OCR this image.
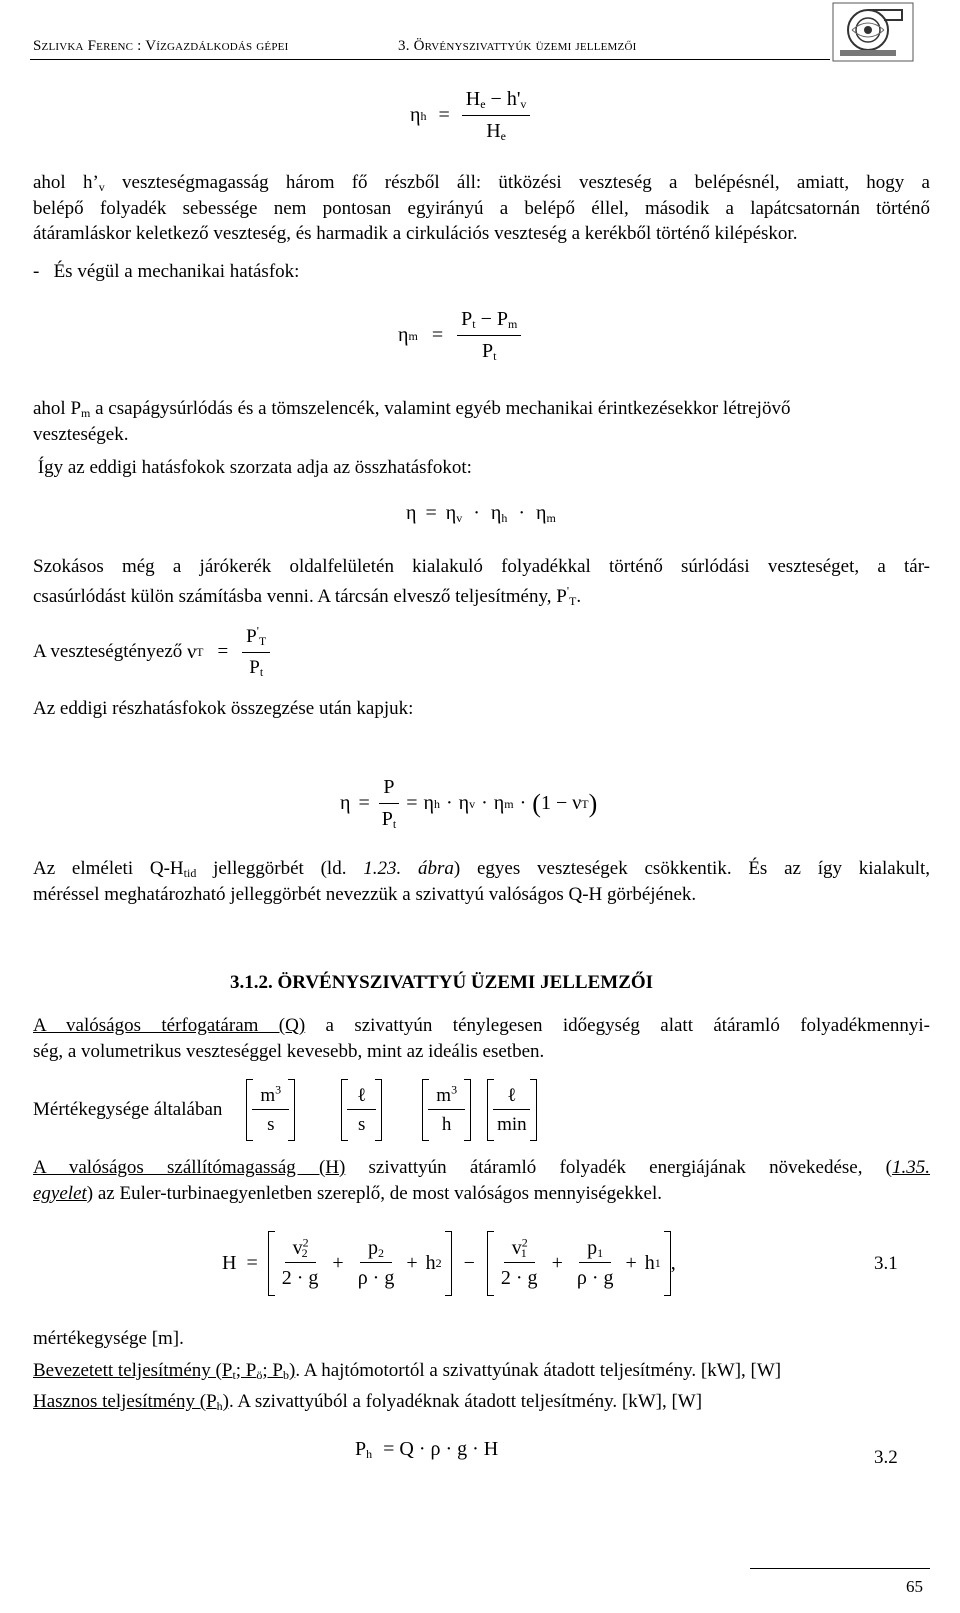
Szlivka Ferenc : Vízgazdálkodás gépei	3. Örvényszivattyúk üzemi jellemzői
η $h = \frac{H_e - h'_v}{H_e}$
ahol $h’_v$ veszteségmagasság három fő részből áll: ütközési veszteség a belépésnél, amiatt, hogy a
belépő folyadék sebessége nem pontosan egyirányú a belépő éllel, második a lapátcsatornán történő
átáramláskor keletkező veszteség, és harmadik a cirkulációs veszteség a kerékből történő kilépéskor.
-   És végül a mechanikai hatásfok:
η $m = \frac{P_t - P_m}{P_t}$
ahol $P_m$ a csapágysúrlódás és a tömszelencék, valamint egyéb mechanikai érintkezésekkor létrejövő
veszteségek.
Így az eddigi hatásfokok szorzata adja az összhatásfokot:
$\eta = \eta_v \cdot \eta_h \cdot \eta_m$
Szokásos még a járókerék oldalfelületén kialakuló folyadékkal történő súrlódási veszteséget, a tár-
csasúrlódást külön számításba venni. A tárcsán elvesző teljesítmény, $P'_T$.
A veszteségtényező ν $T = \frac{P'_T}{P_t}$
Az eddigi részhatásfokok összegzése után kapjuk:
$\eta = \frac{P}{P_t} = \eta$ h · η v · η m · ( 1 − ν T )
Az elméleti $Q-H_{tid}$ jelleggörbét (ld. 1.23. ábra) egyes veszteségek csökkentik. És az így kialakult,
méréssel meghatározható jelleggörbét nevezzük a szivattyú valóságos Q-H görbéjének.
3.1.2. ÖRVÉNYSZIVATTYÚ ÜZEMI JELLEMZŐI
A valóságos térfogatáram (Q) a szivattyún ténylegesen időegység alatt átáramló folyadékmennyi-
ség, a volumetrikus veszteséggel kevesebb, mint az ideális esetben.
Mértékegysége általában $\frac{m^3}{s}$	$\frac{\text{ℓ}}{s}$	$\frac{m^3}{h} \frac{\text{ℓ}}{\min}$
A valóságos szállítómagasság (H) szivattyún átáramló folyadék energiájának növekedése, (1.35.
egyelet) az Euler-turbinaegyenletben szereplő, de most valóságos mennyiségekkel.
$H = \frac{v^2_2}{2 \cdot g} + \frac{p_2}{\rho \cdot g} + h$ $2 - \frac{v^2_1}{2 \cdot g} + \frac{p_1}{\rho \cdot g} + h$ 1 ,	3.1
mértékegysége [m].
Bevezetett teljesítmény ($P_t$; $P_ö$; $P_b$). A hajtómotortól a szivattyúnak átadott teljesítmény. [kW], [W]
Hasznos teljesítmény $(P_h)$. A szivattyúból a folyadéknak átadott teljesítmény. [kW], [W]
$P_h = Q \cdot \rho \cdot g \cdot H$	3.2
65
